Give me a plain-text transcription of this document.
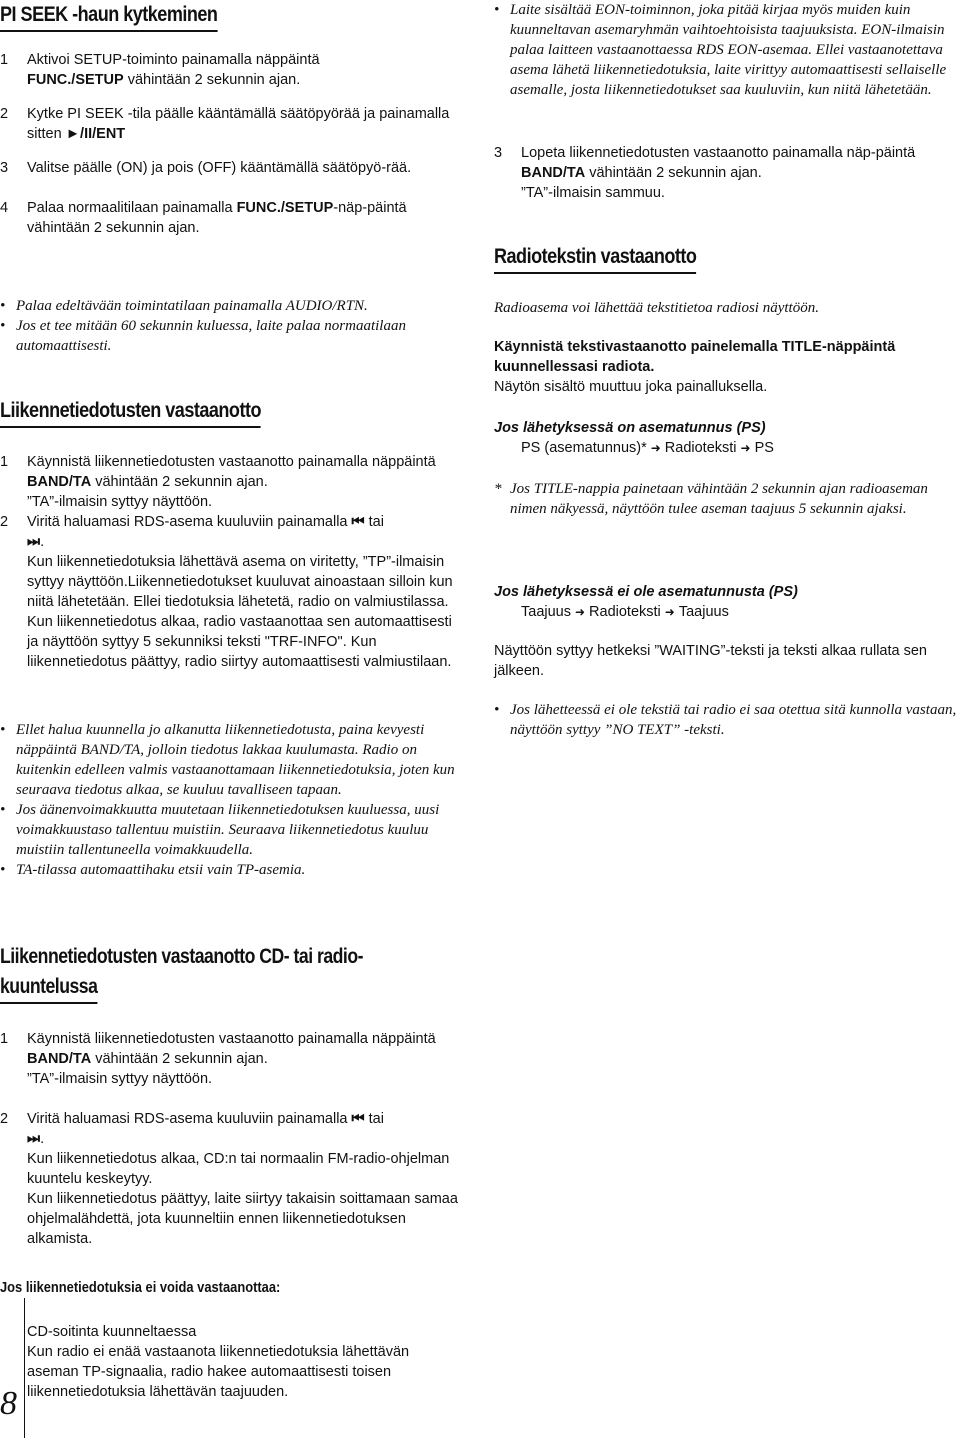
PI SEEK -haun kytkeminen
1	Aktivoi SETUP-toiminto painamalla näppäintä
FUNC./SETUP vähintään 2 sekunnin ajan.
2	Kytke PI SEEK -tila päälle kääntämällä säätöpyörää ja painamalla sitten ►/II/ENT
3	Valitse päälle (ON) ja pois (OFF) kääntämällä säätöpyö-rää.
4	Palaa normaalitilaan painamalla FUNC./SETUP-näp-päintä vähintään 2 sekunnin ajan.
• Palaa edeltävään toimintatilaan painamalla AUDIO/RTN.
• Jos et tee mitään 60 sekunnin kuluessa, laite palaa normaatilaan automaattisesti.
Liikennetiedotusten vastaanotto
1	Käynnistä liikennetiedotusten vastaanotto painamalla näppäintä BAND/TA vähintään 2 sekunnin ajan.
”TA”-ilmaisin syttyy näyttöön.
2	Viritä haluamasi RDS-asema kuuluviin painamalla ⏮ tai
⏭.
Kun liikennetiedotuksia lähettävä asema on viritetty, ”TP”-ilmaisin syttyy näyttöön.Liikennetiedotukset kuuluvat ainoastaan silloin kun niitä lähetetään. Ellei tiedotuksia lähetetä, radio on valmiustilassa. Kun liikennetiedotus alkaa, radio vastaanottaa sen automaattisesti ja näyttöön syttyy 5 sekunniksi teksti "TRF-INFO". Kun liikennetiedotus päättyy, radio siirtyy automaattisesti valmiustilaan.
• Ellet halua kuunnella jo alkanutta liikennetiedotusta, paina kevyesti näppäintä BAND/TA, jolloin tiedotus lakkaa kuulumasta. Radio on kuitenkin edelleen valmis vastaanottamaan liikennetiedotuksia, joten kun seuraava tiedotus alkaa, se kuuluu tavalliseen tapaan.
• Jos äänenvoimakkuutta muutetaan liikennetiedotuksen kuuluessa, uusi voimakkuustaso tallentuu muistiin. Seuraava liikennetiedotus kuuluu muistiin tallentuneella voimakkuudella.
• TA-tilassa automaattihaku etsii vain TP-asemia.
• Laite sisältää EON-toiminnon, joka pitää kirjaa myös muiden kuin kuunneltavan asemaryhmän vaihtoehtoisista taajuuksista. EON-ilmaisin palaa laitteen vastaanottaessa RDS EON-asemaa. Ellei vastaanotettava asema lähetä liikennetiedotuksia, laite virittyy automaattisesti sellaiselle asemalle, josta liikennetiedotukset saa kuuluviin, kun niitä lähetetään.
3	Lopeta liikennetiedotusten vastaanotto painamalla näp-päintä BAND/TA vähintään 2 sekunnin ajan.
”TA”-ilmaisin sammuu.
Radiotekstin vastaanotto
Radioasema voi lähettää tekstitietoa radiosi näyttöön.
Käynnistä tekstivastaanotto painelemalla TITLE-näppäintä kuunnellessasi radiota.
Näytön sisältö muuttuu joka painalluksella.
Jos lähetyksessä on asematunnus (PS)

PS (asematunnus)* ➜ Radioteksti ➜ PS
* Jos TITLE-nappia painetaan vähintään 2 sekunnin ajan radioaseman nimen näkyessä, näyttöön tulee aseman taajuus 5 sekunnin ajaksi.
Jos lähetyksessä ei ole asematunnusta (PS)

Taajuus ➜ Radioteksti ➜ Taajuus
Näyttöön syttyy hetkeksi ”WAITING”-teksti ja teksti alkaa rullata sen jälkeen.
• Jos lähetteessä ei ole tekstiä tai radio ei saa otettua sitä kunnolla vastaan, näyttöön syttyy ”NO TEXT” -teksti.
Liikennetiedotusten vastaanotto CD- tai radio-
kuuntelussa
1	Käynnistä liikennetiedotusten vastaanotto painamalla näppäintä BAND/TA vähintään 2 sekunnin ajan.
”TA”-ilmaisin syttyy näyttöön.
2	Viritä haluamasi RDS-asema kuuluviin painamalla ⏮ tai
⏭.
Kun liikennetiedotus alkaa, CD:n tai normaalin FM-radio-ohjelman kuuntelu keskeytyy.
Kun liikennetiedotus päättyy, laite siirtyy takaisin soittamaan samaa ohjelmalähdettä, jota kuunneltiin ennen liikennetiedotuksen alkamista.
Jos liikennetiedotuksia ei voida vastaanottaa:
CD-soitinta kuunneltaessa
Kun radio ei enää vastaanota liikennetiedotuksia lähettävän aseman TP-signaalia, radio hakee automaattisesti toisen liikennetiedotuksia lähettävän taajuuden.
8
